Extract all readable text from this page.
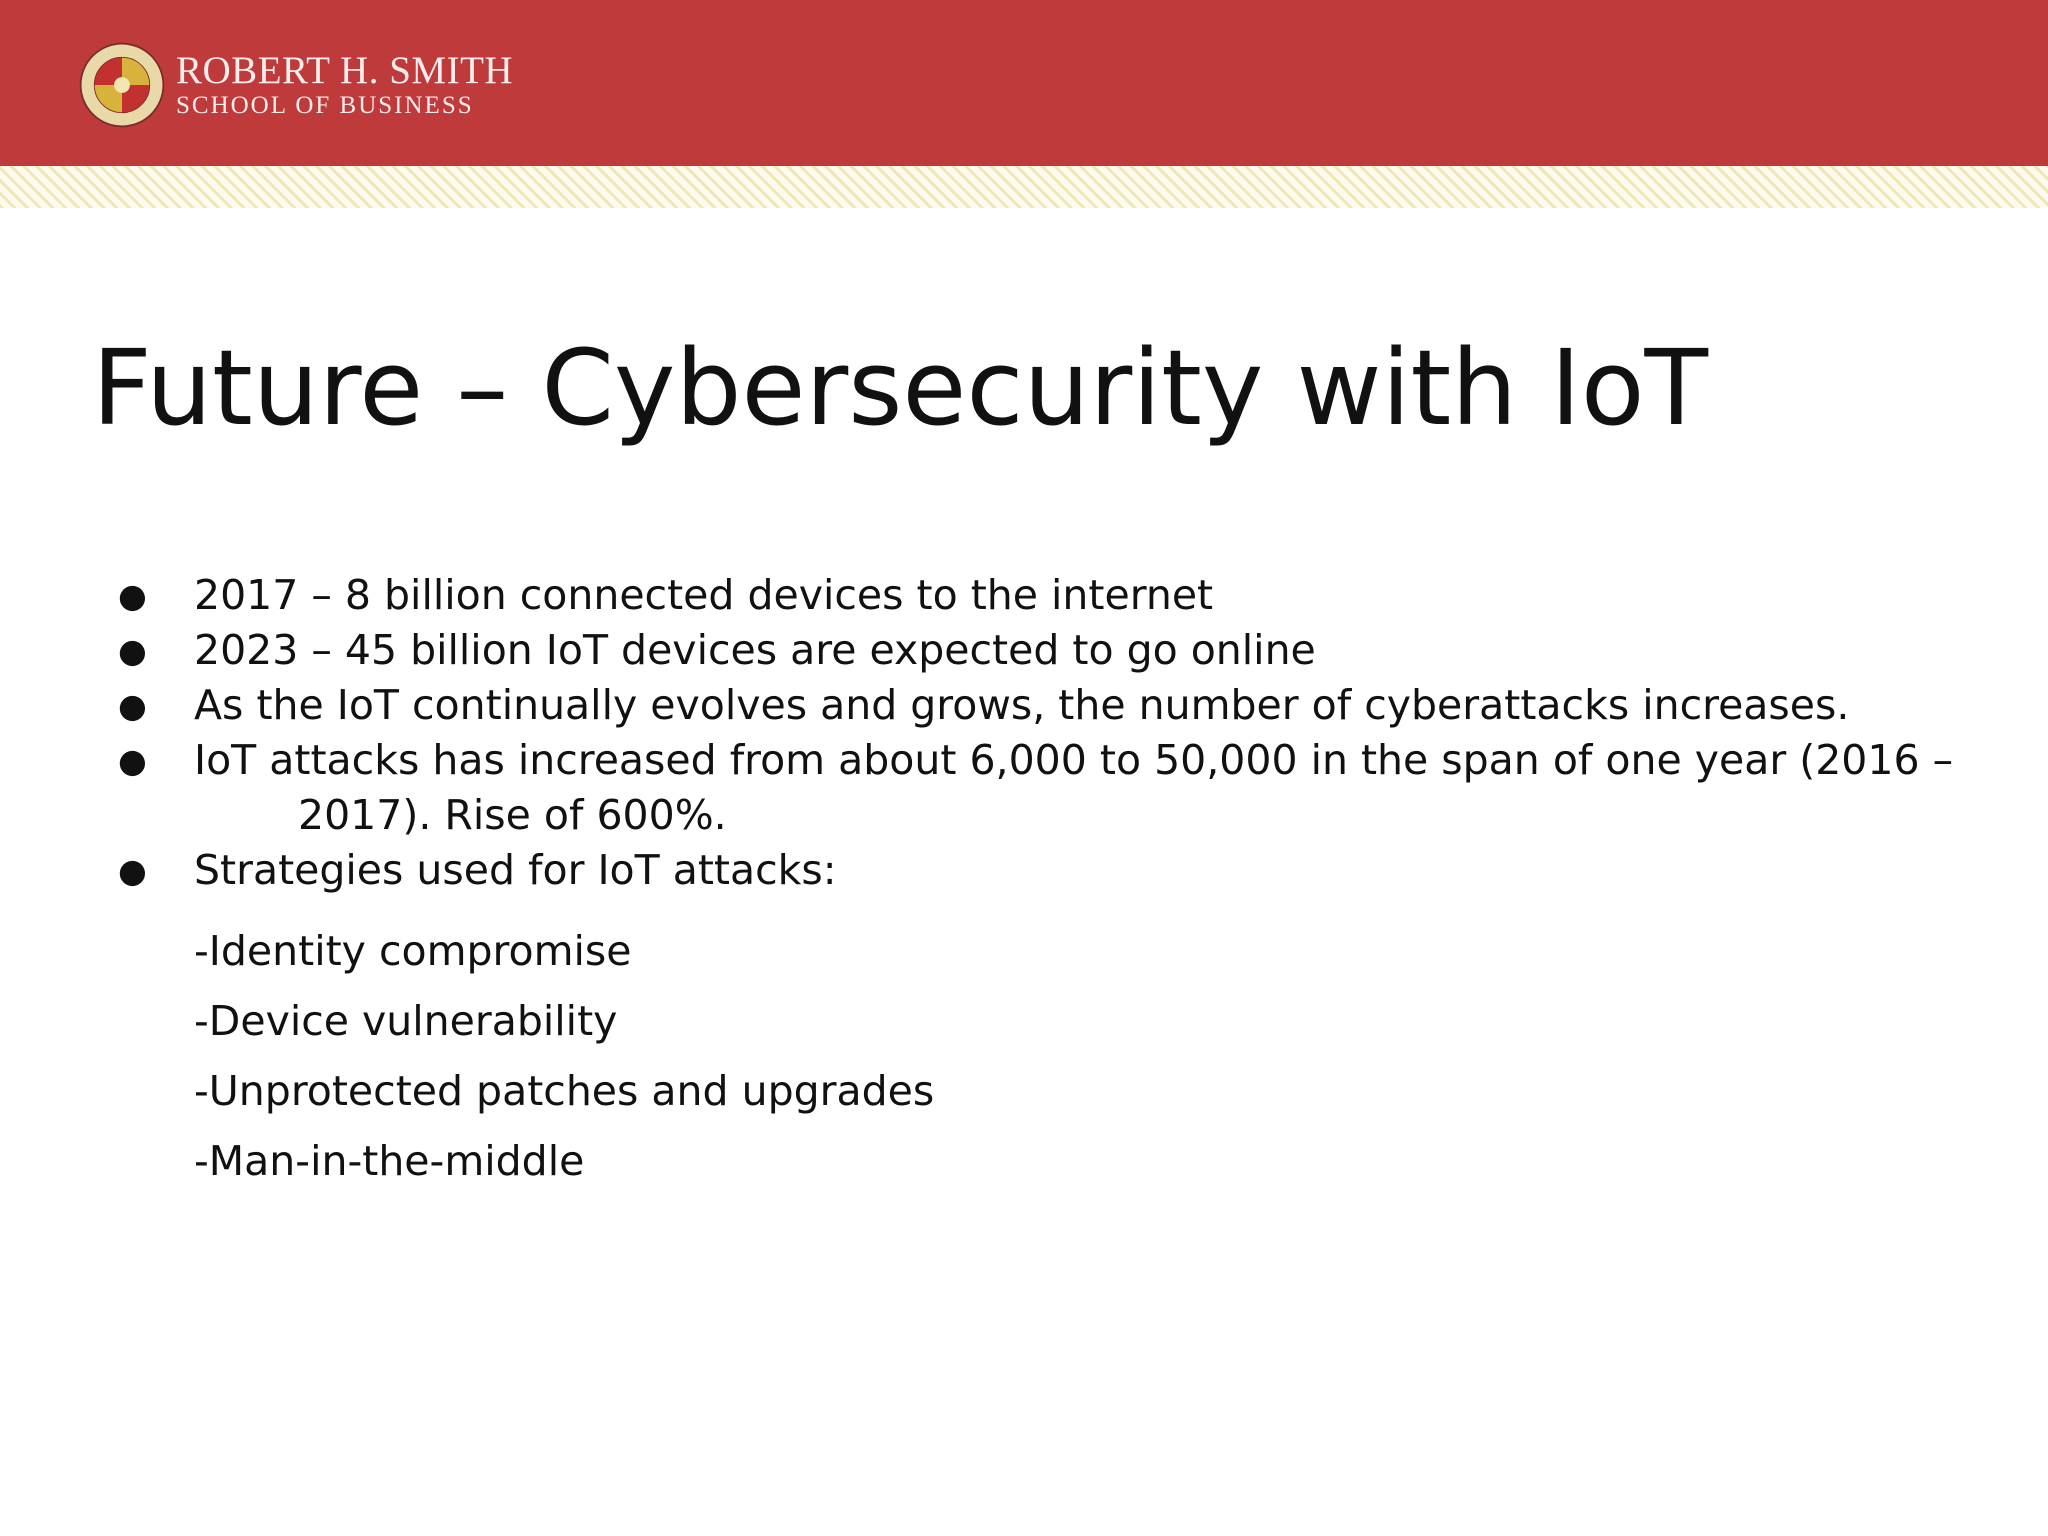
ROBERT H. SMITH
SCHOOL OF BUSINESS
Future – Cybersecurity with IoT
● 2017 – 8 billion connected devices to the internet
● 2023 – 45 billion IoT devices are expected to go online
● As the IoT continually evolves and grows, the number of cyberattacks increases.
● IoT attacks has increased from about 6,000 to 50,000 in the span of one year (2016 –
2017). Rise of 600%.
● Strategies used for IoT attacks:
-Identity compromise
-Device vulnerability
-Unprotected patches and upgrades
-Man-in-the-middle
